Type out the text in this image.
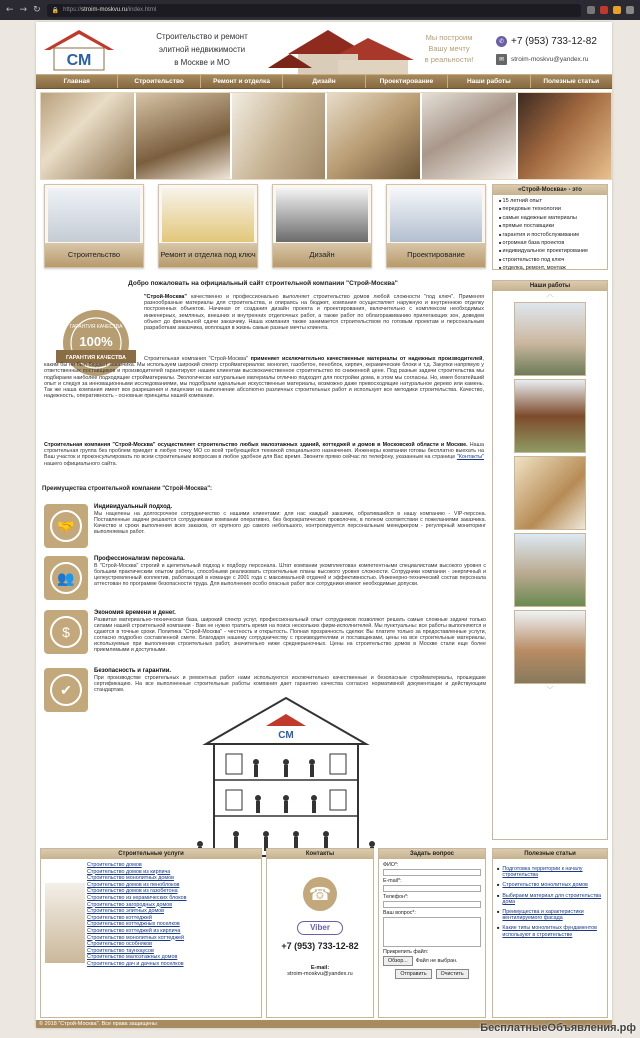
← → ↻ 🔒 https://stroim-moskvu.ru/index.html
СМ
Строительство и ремонт
элитной недвижимости
в Москве и МО
Мы построим
Вашу мечту
в реальности!
✆ +7 (953) 733-12-82
✉	stroim-moskvu@yandex.ru
Главная	Строительство	Ремонт и отделка	Дизайн	Проектирование	Наши работы	Полезные статьи
Строительство	Ремонт и отделка под ключ	Дизайн	Проектирование
«Строй-Москва» - это
■ 15 летний опыт
■ передовые технологии
■ самые надежные материалы
■ прямые поставщики
■ гарантия и постобслуживание
■ огромная база проектов
■ индивидуальное проектирование
■ строительство под ключ
■ отделка, ремонт, монтаж
Наши работы
︿
﹀
Добро пожаловать на официальный сайт строительной компании "Строй-Москва"
ГАРАНТИЯ КАЧЕСТВА
100%
ГАРАНТИЯ КАЧЕСТВА
"Строй-Москва" качественно и профессионально выполняет строительство домов любой сложности "под ключ". Применяя разнообразные материалы для строительства, и опираясь на бюджет, компания осуществляет наружную и внутреннюю отделку построенных объектов. Начиная от создания дизайн проекта и проектирования, включительно с комплексом необходимых инженерных, земляных, внешних и внутренних отделочных работ, а также работ по облагораживанию прилегающих зон, доведем объект до финальной сдачи заказчику. Наша компания также занимается строительством по готовым проектам и персональным разработкам заказчика, воплощая в жизнь самые разные мечты клиента.
Строительная компания "Строй-Москва" применяет исключительно качественные материалы от надежных производителей, каким бы ни был бюджет заказчика. Мы используем широкий спектр стройматериалов: монолит, газобетон, пеноблок, кирпич, керамические блоки и т.д. Закупки напрямую у ответственных поставщиков и производителей гарантируют нашим клиентам высококачественное строительство по сниженной цене. Под разные задачи строительства мы подбираем наиболее подходящие стройматериалы. Экологически натуральные материалы отлично подходят для постройки дома, в этом мы согласны. Но, имея богатейший опыт и следуя за инновационными исследованиями, мы подобрали идеальные искусственные материалы, возможно даже превосходящие натуральное дерево или камень. Так же наша компания имеет все разрешения и лицензии на выполнение абсолютно различных строительных работ и использует все методики строительства. Качество, надежность, оперативность - основные принципы нашей компании.
Строительная компания "Строй-Москва" осуществляет строительство любых малоэтажных зданий, коттеджей и домов в Московской области и Москве. Наша строительная группа без проблем приедет в любую точку МО со всей требующейся техникой специального назначения. Инженеры компании готовы бесплатно выехать на Ваш участок и проконсультировать по всем строительным вопросам в любое удобное для Вас время. Звоните прямо сейчас по телефону, указанным на странице "Контакты" нашего официального сайта.
Преимущества строительной компании "Строй-Москва":
🤝
Индивидуальный подход.
Мы нацелены на долгосрочное сотрудничество с нашими клиентами: для нас каждый заказчик, обратившийся в нашу компанию - VIP-персона. Поставленные задачи решаются сотрудниками компании оперативно, без бюрократических проволочек, в полном соответствии с пожеланиями заказчика. Качество и сроки выполнения всех заказов, от крупного до самого небольшого, контролируется персональным менеджером - регулярный мониторинг выполняемых работ.
👥
Профессионализм персонала.
В "Строй-Москва" строгий и щепетильный подход к подбору персонала. Штат компании укомплектован компетентными специалистами высокого уровня с большим практическим опытом работы, способными реализовать строительные планы высокого уровня сложности. Сотрудники компании - энергичный и целеустремленный коллектив, работающий в команде с 2001 года с максимальной отдачей и эффективностью. Инженерно-технический состав персонала аттестован по программе безопасности труда. Для выполнения особо опасных работ все сотрудники имеют необходимые допуски.
$
Экономия времени и денег.
Развитая материально-техническая база, широкий спектр услуг, профессиональный опыт сотрудников позволяют решать самые сложные задачи только силами нашей строительной компании - Вам не нужно тратить время на поиск нескольких фирм-исполнителей. Мы пунктуальны: все работы выполняются и сдаются в точные сроки. Политика "Строй-Москва" - честность и открытость. Полная прозрачность сделки: Вы платите только за предоставленные услуги, согласно подробно составленной смете. Благодаря нашему сотрудничеству с производителями и поставщиками, цены на все строительные материалы, используемые при выполнении строительных работ, значительно ниже среднерыночных. Цены на строительство домов в Москве стали еще более приемлемыми и доступными.
✔
Безопасность и гарантии.
При производстве строительных и ремонтных работ нами используются исключительно качественные и безопасные стройматериалы, прошедшие сертификацию. На все выполненные строительные работы компания дает гарантию качества согласно нормативной документации и действующим стандартам.
СМ
Строительные услуги
Строительство домов
Строительство домов из кирпича
Строительство монолитных домов
Строительство домов из пеноблоков
Строительство домов из газобетона
Строительство из керамических блоков
Строительство загородных домов
Строительство элитных домов
Строительство коттеджей
Строительство коттеджных поселков
Строительство коттеджей из кирпича
Строительство монолитных коттеджей
Строительство особняков
Строительство таунхаусов
Строительство малоэтажных домов
Строительство дач и дачных поселков
Контакты
☎
Viber
+7 (953) 733-12-82
E-mail:
stroim-moskvu@yandex.ru
Задать вопрос
ФИО*:
E-mail*:
Телефон*:
Ваш вопрос*:
Прикрепить файл:
Обзор...	Файл не выбран.
Отправить	Очистить
Полезные статьи
■ Подготовка территории к началу строительства
■ Строительство монолитных домов
■ Выбираем материал для строительства дома
■ Преимущества и характеристики вентилируемого фасада
■ Какие типы монолитных фундаментов используют в строительстве
© 2018 "Строй-Москва". Все права защищены	БесплатныеОбъявления.рф
